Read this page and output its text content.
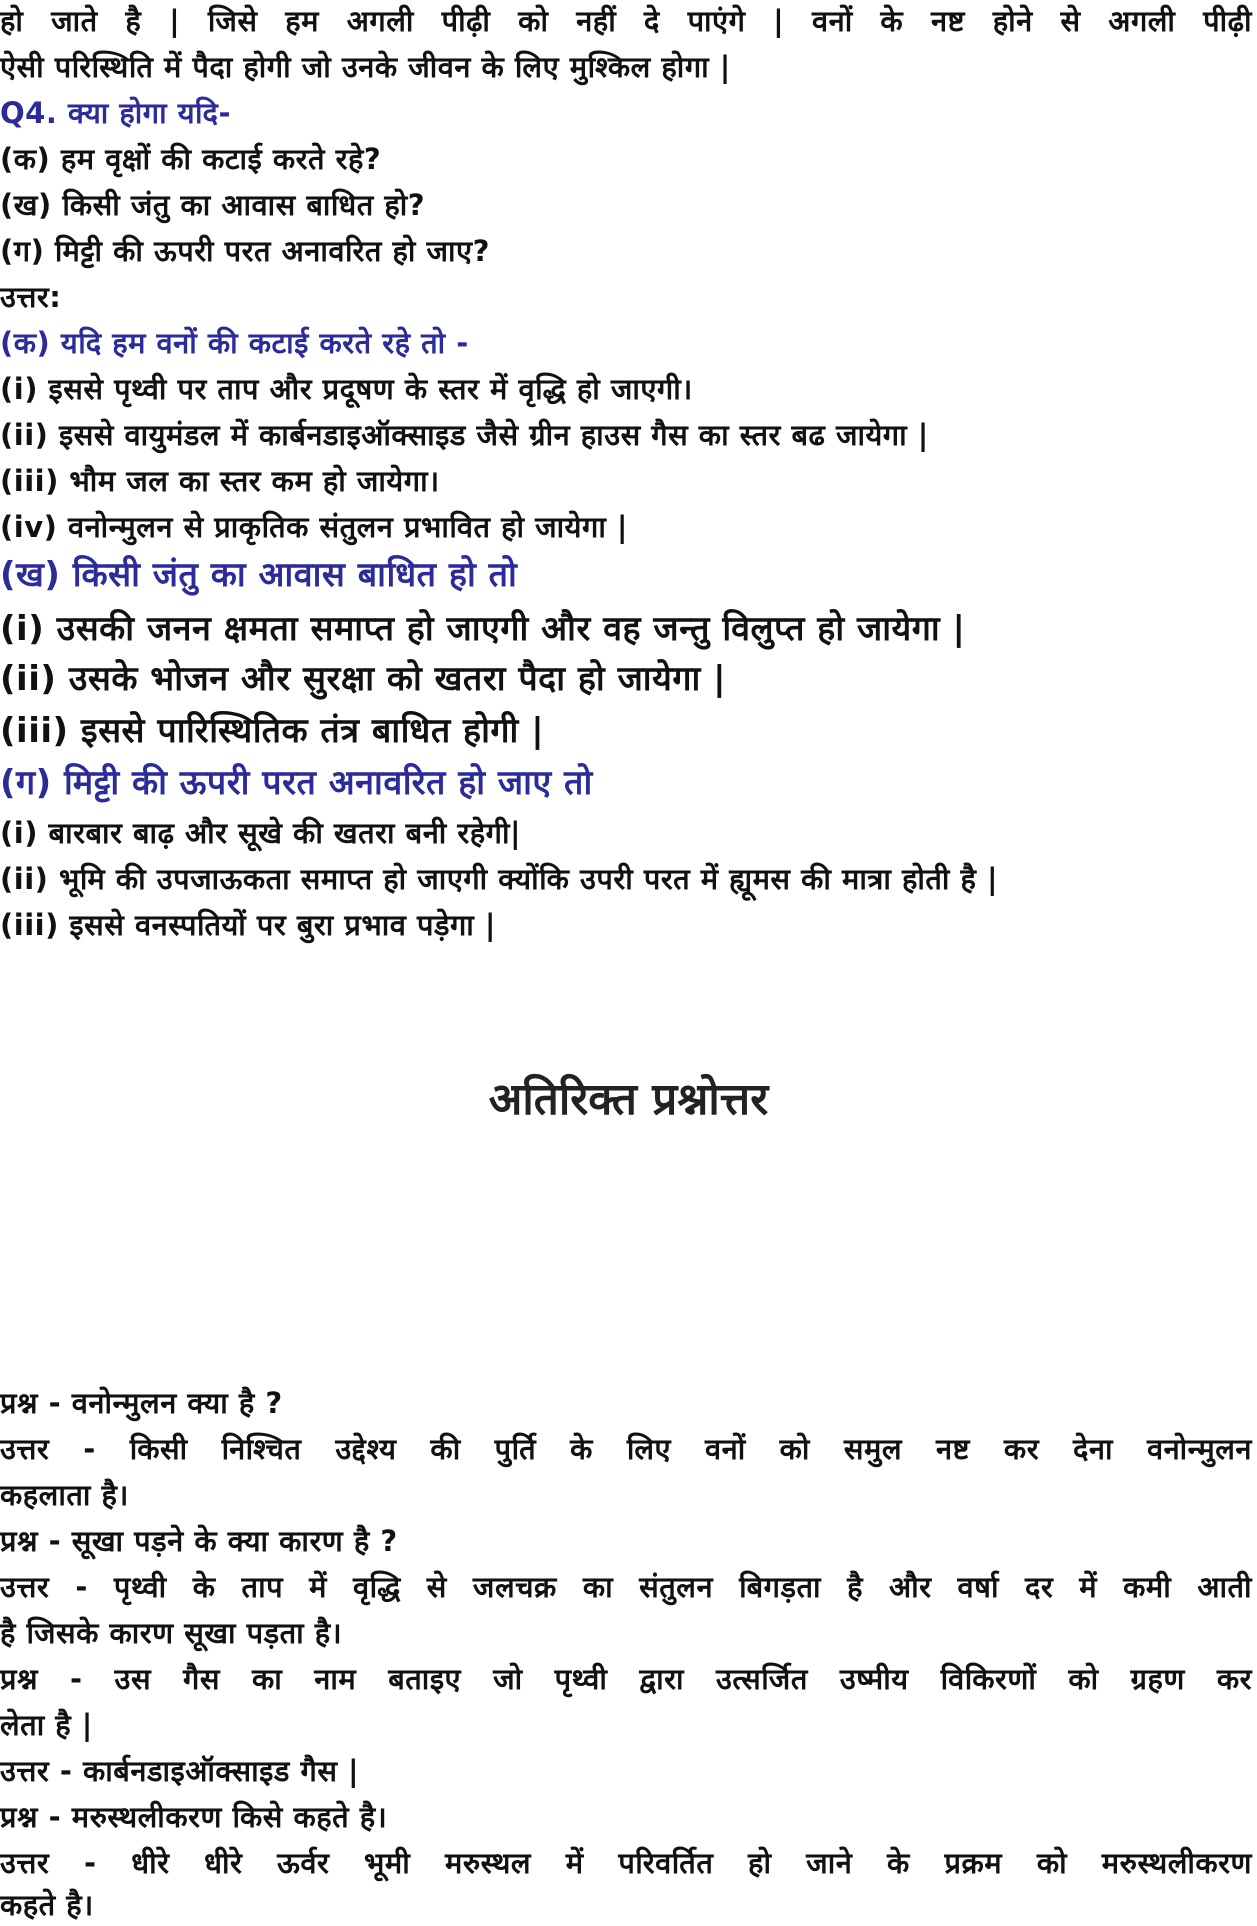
हो जाते है | जिसे हम अगली पीढ़ी को नहीं दे पाएंगे | वनों के नष्ट होने से अगली पीढ़ी
ऐसी परिस्थिति में पैदा होगी जो उनके जीवन के लिए मुश्किल होगा |
Q4. क्या होगा यदि-
(क) हम वृक्षों की कटाई करते रहे?
(ख) किसी जंतु का आवास बाधित हो?
(ग) मिट्टी की ऊपरी परत अनावरित हो जाए?
उत्तर:
(क) यदि हम वनों की कटाई करते रहे तो -
(i) इससे पृथ्वी पर ताप और प्रदूषण के स्तर में वृद्धि हो जाएगी।
(ii) इससे वायुमंडल में कार्बनडाइऑक्साइड जैसे ग्रीन हाउस गैस का स्तर बढ जायेगा |
(iii) भौम जल का स्तर कम हो जायेगा।
(iv) वनोन्मुलन से प्राकृतिक संतुलन प्रभावित हो जायेगा |
(ख) किसी जंतु का आवास बाधित हो तो
(i) उसकी जनन क्षमता समाप्त हो जाएगी और वह जन्तु विलुप्त हो जायेगा |
(ii) उसके भोजन और सुरक्षा को खतरा पैदा हो जायेगा |
(iii) इससे पारिस्थितिक तंत्र बाधित होगी |
(ग) मिट्टी की ऊपरी परत अनावरित हो जाए तो
(i) बारबार बाढ़ और सूखे की खतरा बनी रहेगी|
(ii) भूमि की उपजाऊकता समाप्त हो जाएगी क्योंकि उपरी परत में ह्यूमस की मात्रा होती है |
(iii) इससे वनस्पतियों पर बुरा प्रभाव पड़ेगा |
अतिरिक्त प्रश्नोत्तर
प्रश्न - वनोन्मुलन क्या है ?
उत्तर - किसी निश्चित उद्देश्य की पुर्ति के लिए वनों को समुल नष्ट कर देना वनोन्मुलन
कहलाता है।
प्रश्न - सूखा पड़ने के क्या कारण है ?
उत्तर - पृथ्वी के ताप में वृद्धि से जलचक्र का संतुलन बिगड़ता है और वर्षा दर में कमी आती
है जिसके कारण सूखा पड़ता है।
प्रश्न - उस गैस का नाम बताइए जो पृथ्वी द्वारा उत्सर्जित उष्मीय विकिरणों को ग्रहण कर
लेता है |
उत्तर - कार्बनडाइऑक्साइड गैस |
प्रश्न - मरुस्थलीकरण किसे कहते है।
उत्तर - धीरे धीरे ऊर्वर भूमी मरुस्थल में परिवर्तित हो जाने के प्रक्रम को मरुस्थलीकरण
कहते है।
